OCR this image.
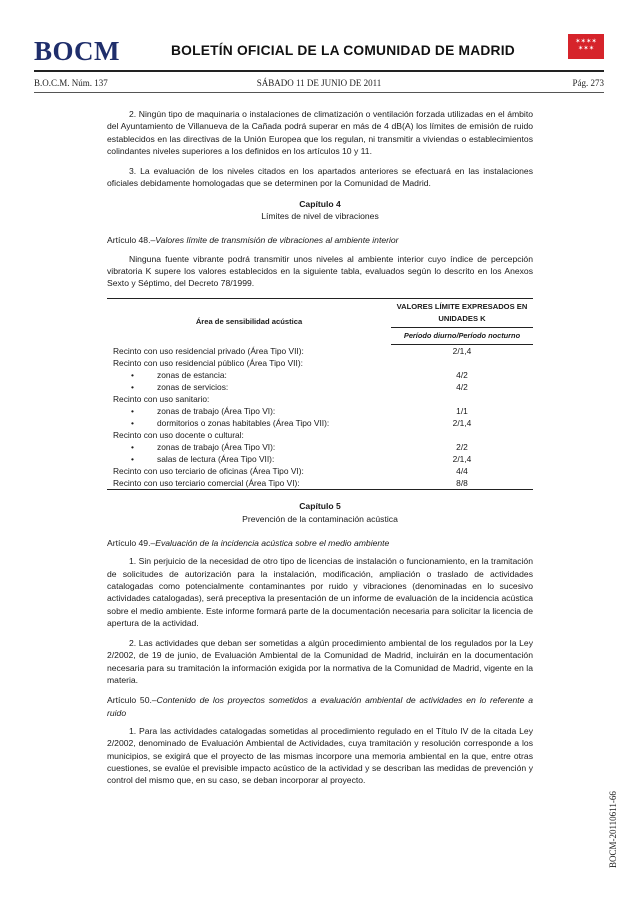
BOCM	BOLETÍN OFICIAL DE LA COMUNIDAD DE MADRID
✶✶✶✶
✶✶✶
B.O.C.M. Núm. 137	SÁBADO 11 DE JUNIO DE 2011	Pág. 273

2. Ningún tipo de maquinaria o instalaciones de climatización o ventilación forzada utilizadas en el ámbito del Ayuntamiento de Villanueva de la Cañada podrá superar en más de 4 dB(A) los límites de emisión de ruido establecidos en las directivas de la Unión Europea que los regulan, ni transmitir a viviendas o establecimientos colindantes niveles superiores a los definidos en los artículos 10 y 11.

3. La evaluación de los niveles citados en los apartados anteriores se efectuará en las instalaciones oficiales debidamente homologadas que se determinen por la Comunidad de Madrid.

Capítulo 4

Límites de nivel de vibraciones

Artículo 48.–Valores límite de transmisión de vibraciones al ambiente interior

Ninguna fuente vibrante podrá transmitir unos niveles al ambiente interior cuyo índice de percepción vibratoria K supere los valores establecidos en la siguiente tabla, evaluados según lo descrito en los Anexos Sexto y Séptimo, del Decreto 78/1999.

Área de sensibilidad acústica	VALORES LÍMITE EXPRESADOS EN UNIDADES K
	Período diurno/Período nocturno
Recinto con uso residencial privado (Área Tipo VII):	2/1,4
Recinto con uso residencial público (Área Tipo VII):	
• zonas de estancia:	4/2
• zonas de servicios:	4/2
Recinto con uso sanitario:	
• zonas de trabajo (Área Tipo VI):	1/1
• dormitorios o zonas habitables (Área Tipo VII):	2/1,4
Recinto con uso docente o cultural:	
• zonas de trabajo (Área Tipo VI):	2/2
• salas de lectura (Área Tipo VII):	2/1,4
Recinto con uso terciario de oficinas (Área Tipo VI):	4/4
Recinto con uso terciario comercial (Área Tipo VI):	8/8

Capítulo 5

Prevención de la contaminación acústica

Artículo 49.–Evaluación de la incidencia acústica sobre el medio ambiente

1. Sin perjuicio de la necesidad de otro tipo de licencias de instalación o funcionamiento, en la tramitación de solicitudes de autorización para la instalación, modificación, ampliación o traslado de actividades catalogadas como potencialmente contaminantes por ruido y vibraciones (denominadas en lo sucesivo actividades catalogadas), será preceptiva la presentación de un informe de evaluación de la incidencia acústica sobre el medio ambiente. Este informe formará parte de la documentación necesaria para solicitar la licencia de apertura de la actividad.

2. Las actividades que deban ser sometidas a algún procedimiento ambiental de los regulados por la Ley 2/2002, de 19 de junio, de Evaluación Ambiental de la Comunidad de Madrid, incluirán en la documentación necesaria para su tramitación la información exigida por la normativa de la Comunidad de Madrid, vigente en la materia.

Artículo 50.–Contenido de los proyectos sometidos a evaluación ambiental de actividades en lo referente a ruido

1. Para las actividades catalogadas sometidas al procedimiento regulado en el Título IV de la citada Ley 2/2002, denominado de Evaluación Ambiental de Actividades, cuya tramitación y resolución corresponde a los municipios, se exigirá que el proyecto de las mismas incorpore una memoria ambiental en la que, entre otras cuestiones, se evalúe el previsible impacto acústico de la actividad y se describan las medidas de prevención y control del mismo que, en su caso, se deban incorporar al proyecto.

BOCM-20110611-66
